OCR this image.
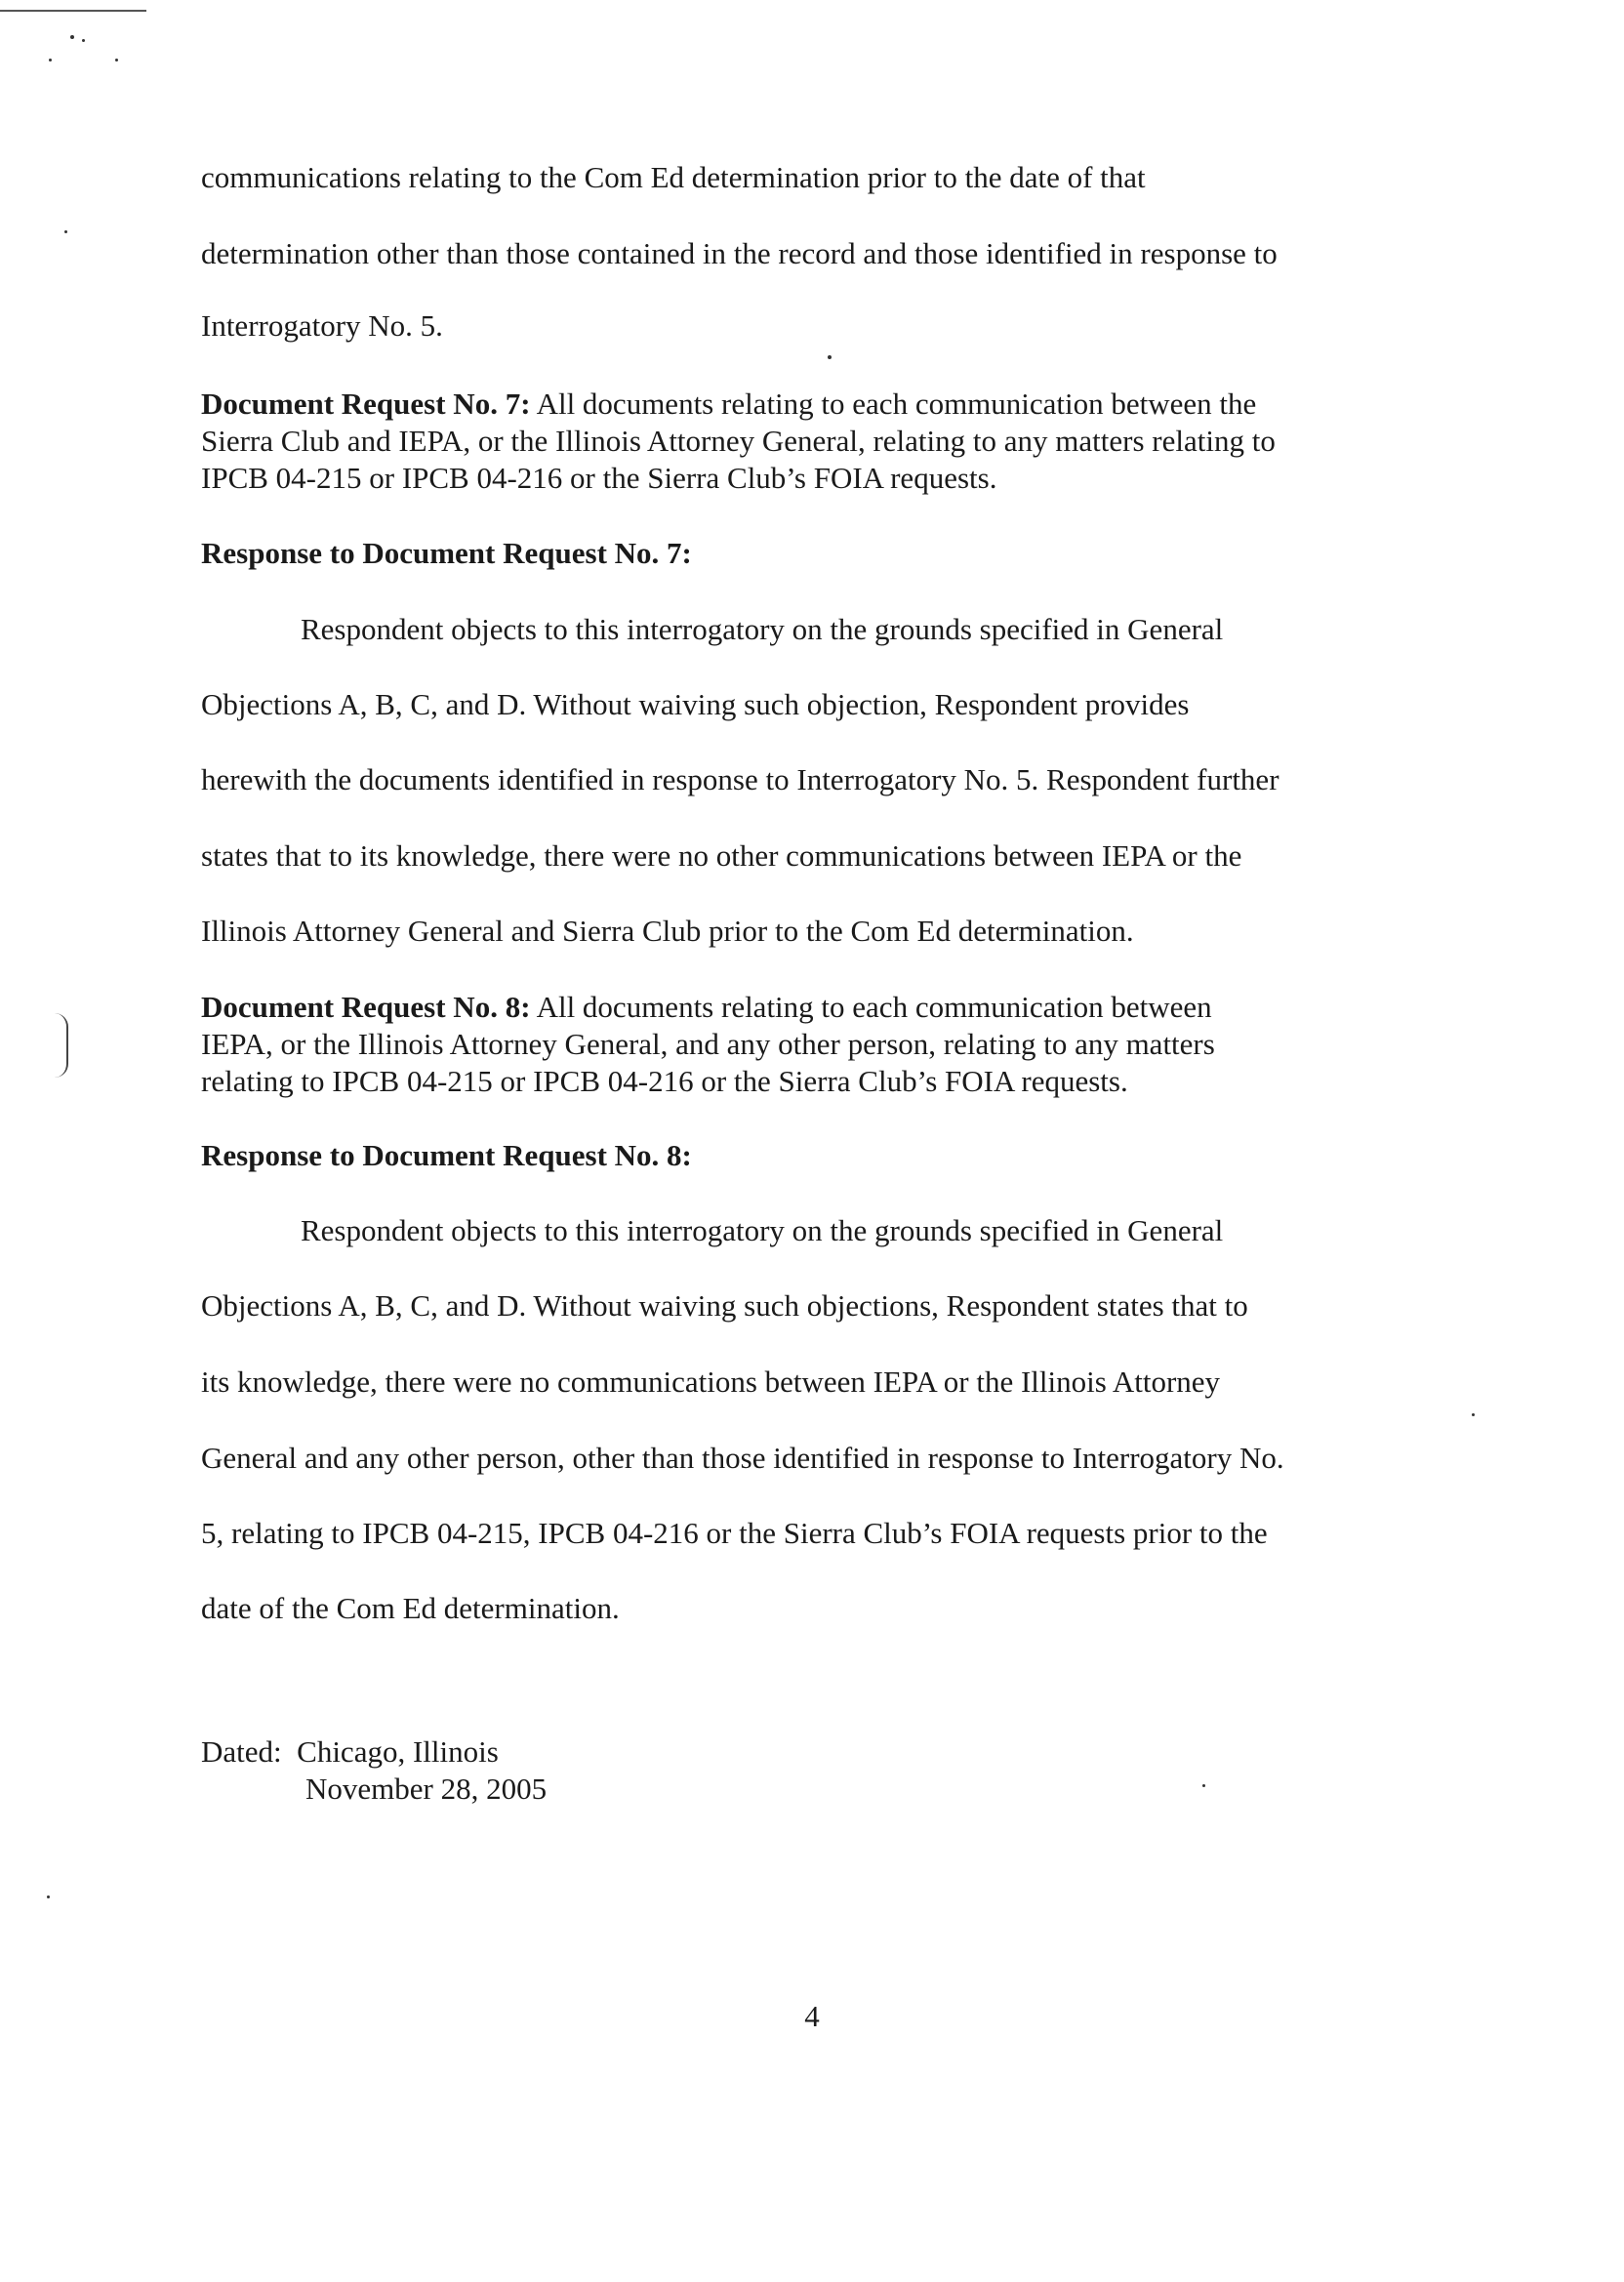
communications relating to the Com Ed determination prior to the date of that
determination other than those contained in the record and those identified in response to
Interrogatory No. 5.
Document Request No. 7: All documents relating to each communication between the
Sierra Club and IEPA, or the Illinois Attorney General, relating to any matters relating to
IPCB 04-215 or IPCB 04-216 or the Sierra Club’s FOIA requests.
Response to Document Request No. 7:
Respondent objects to this interrogatory on the grounds specified in General
Objections A, B, C, and D. Without waiving such objection, Respondent provides
herewith the documents identified in response to Interrogatory No. 5. Respondent further
states that to its knowledge, there were no other communications between IEPA or the
Illinois Attorney General and Sierra Club prior to the Com Ed determination.
Document Request No. 8: All documents relating to each communication between
IEPA, or the Illinois Attorney General, and any other person, relating to any matters
relating to IPCB 04-215 or IPCB 04-216 or the Sierra Club’s FOIA requests.
Response to Document Request No. 8:
Respondent objects to this interrogatory on the grounds specified in General
Objections A, B, C, and D. Without waiving such objections, Respondent states that to
its knowledge, there were no communications between IEPA or the Illinois Attorney
General and any other person, other than those identified in response to Interrogatory No.
5, relating to IPCB 04-215, IPCB 04-216 or the Sierra Club’s FOIA requests prior to the
date of the Com Ed determination.
Dated: Chicago, Illinois
November 28, 2005
4
